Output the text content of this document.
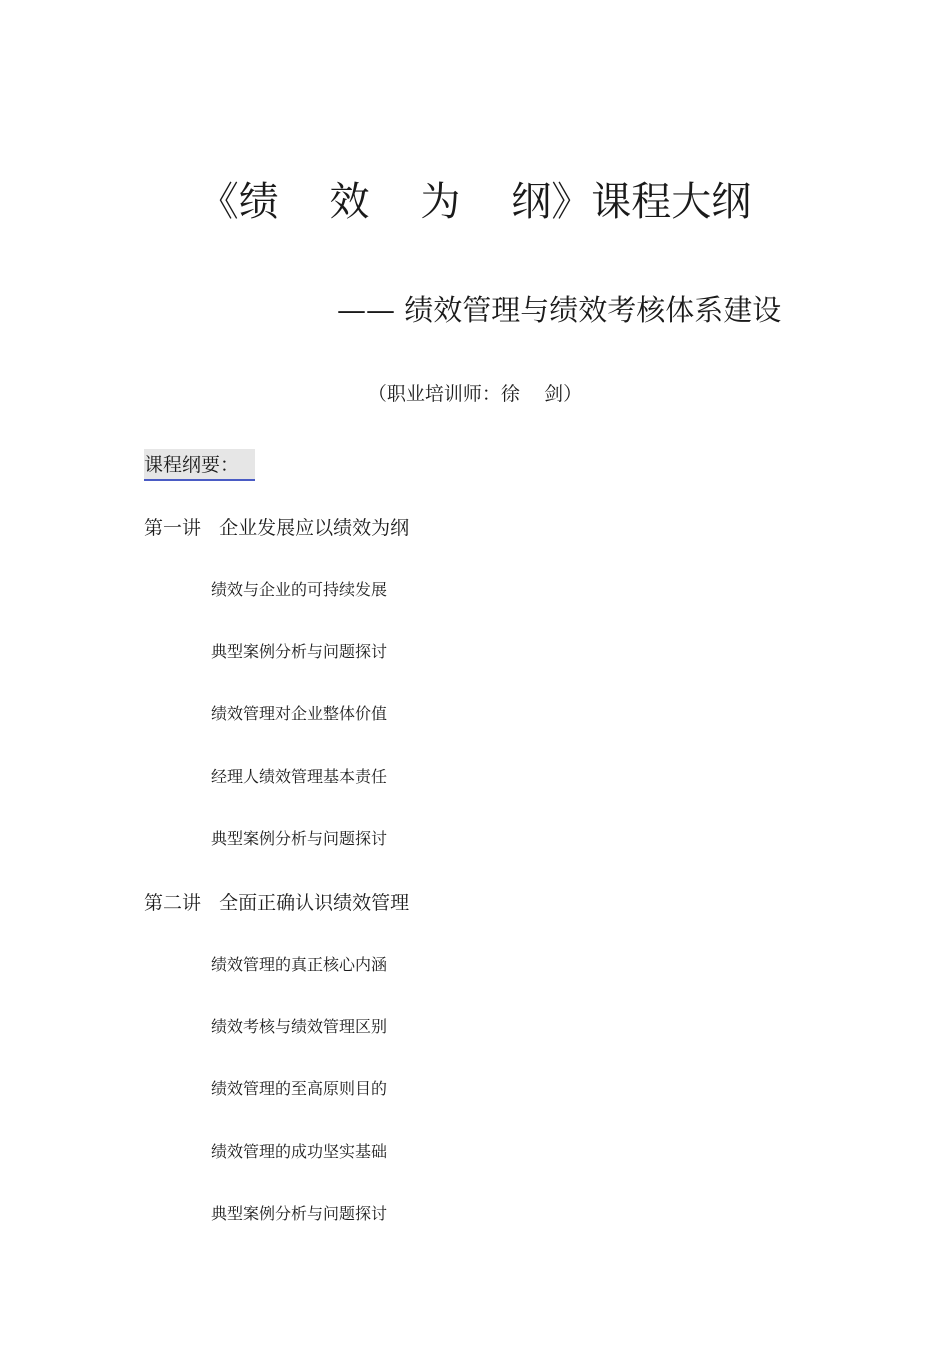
《绩    效    为    纲》课程大纲
—— 绩效管理与绩效考核体系建设
（职业培训师：徐    剑）
课程纲要：
第一讲   企业发展应以绩效为纲
绩效与企业的可持续发展
典型案例分析与问题探讨
绩效管理对企业整体价值
经理人绩效管理基本责任
典型案例分析与问题探讨
第二讲   全面正确认识绩效管理
绩效管理的真正核心内涵
绩效考核与绩效管理区别
绩效管理的至高原则目的
绩效管理的成功坚实基础
典型案例分析与问题探讨
